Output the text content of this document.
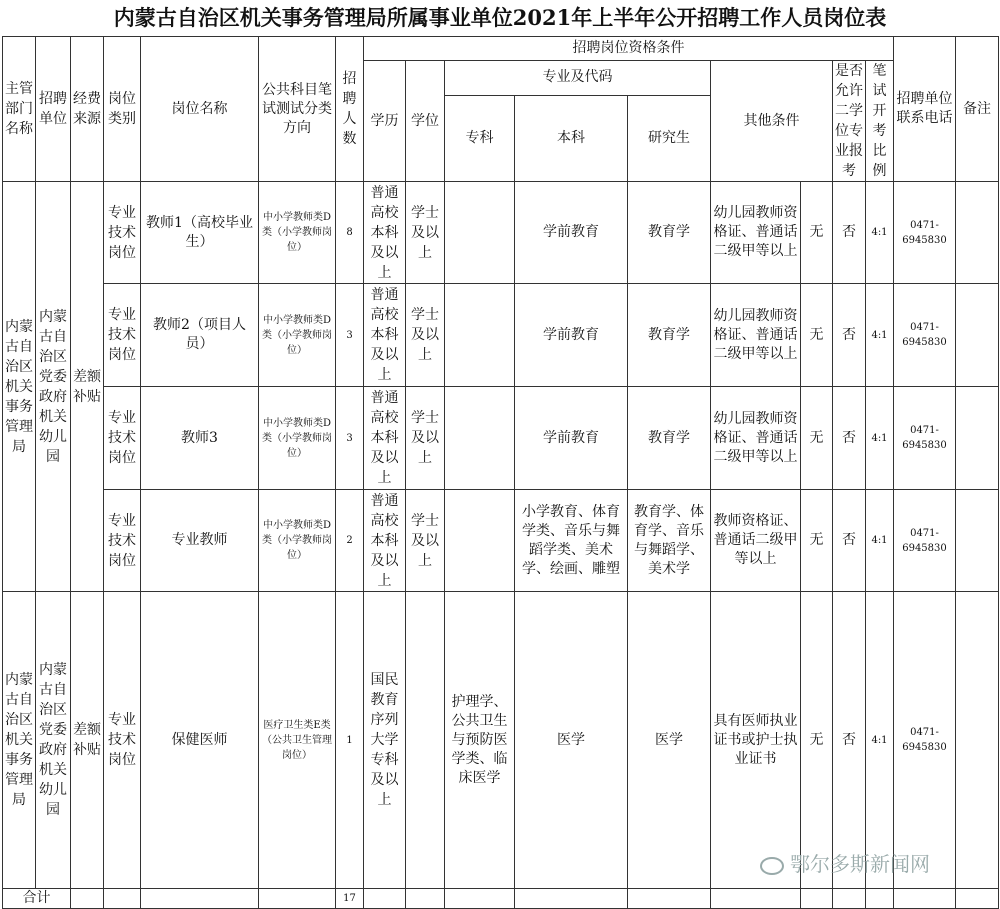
内蒙古自治区机关事务管理局所属事业单位2021年上半年公开招聘工作人员岗位表
主管部门名称	招聘单位	经费来源	岗位类别	岗位名称	公共科目笔试测试分类方向	招聘人数	招聘岗位资格条件									招聘单位联系电话	备注
							学历	学位	专业及代码			其他条件		是否允许二学位专业报考	笔试开考比例		
									专科	本科	研究生						
内蒙古自治区机关事务管理局	内蒙古自治区党委政府机关幼儿园	差额补贴	专业技术岗位	教师1（高校毕业生）	中小学教师类D类（小学教师岗位）	8	普通高校本科及以上	学士及以上		学前教育	教育学	幼儿园教师资格证、普通话二级甲等以上	无	否	4:1	0471-6945830	
			专业技术岗位	教师2（项目人员）	中小学教师类D类（小学教师岗位）	3	普通高校本科及以上	学士及以上		学前教育	教育学	幼儿园教师资格证、普通话二级甲等以上	无	否	4:1	0471-6945830	
			专业技术岗位	教师3	中小学教师类D类（小学教师岗位）	3	普通高校本科及以上	学士及以上		学前教育	教育学	幼儿园教师资格证、普通话二级甲等以上	无	否	4:1	0471-6945830	
			专业技术岗位	专业教师	中小学教师类D类（小学教师岗位）	2	普通高校本科及以上	学士及以上		小学教育、体育学类、音乐与舞蹈学类、美术学、绘画、雕塑	教育学、体育学、音乐与舞蹈学、美术学	教师资格证、普通话二级甲等以上	无	否	4:1	0471-6945830	
内蒙古自治区机关事务管理局	内蒙古自治区党委政府机关幼儿园	差额补贴	专业技术岗位	保健医师	医疗卫生类E类（公共卫生管理岗位）	1	国民教育序列大学专科及以上		护理学、公共卫生与预防医学类、临床医学	医学	医学	具有医师执业证书或护士执业证书	无	否	4:1	0471-6945830	
合计						17											
鄂尔多斯新闻网
